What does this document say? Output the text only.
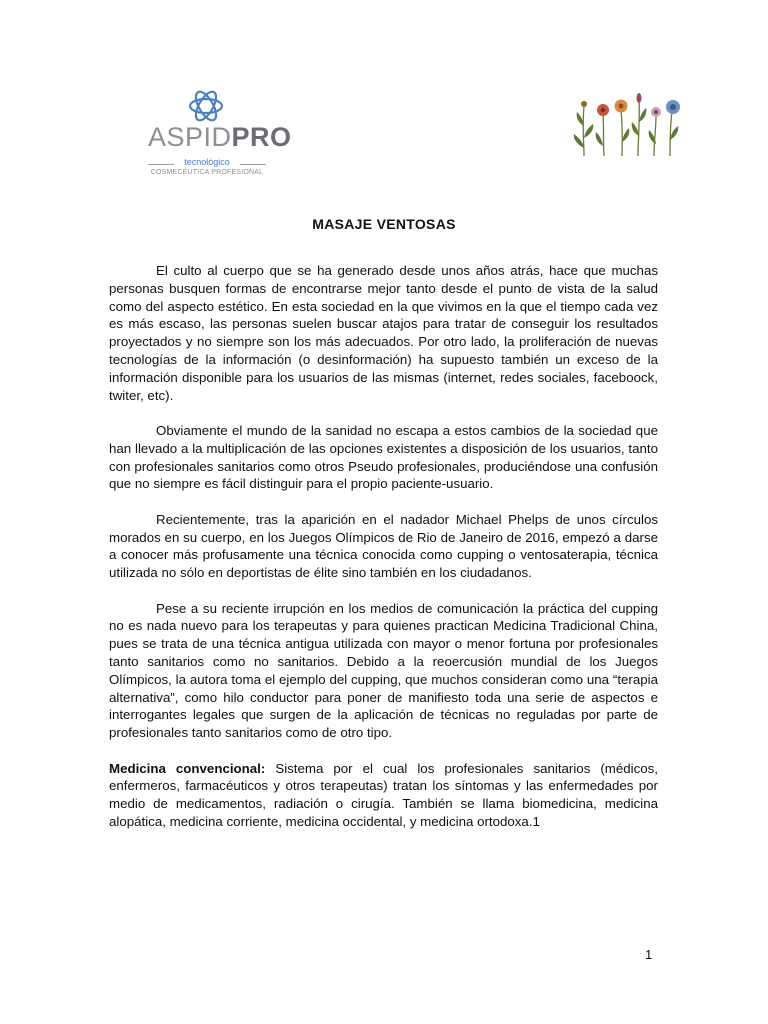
ASPIDPRO
tecnológico
COSMECÉUTICA PROFESIONAL
MASAJE VENTOSAS

El culto al cuerpo que se ha generado desde unos años atrás, hace que muchas personas busquen formas de encontrarse mejor tanto desde el punto de vista de la salud como del aspecto estético. En esta sociedad en la que vivimos en la que el tiempo cada vez es más escaso, las personas suelen buscar atajos para tratar de conseguir los resultados proyectados y no siempre son los más adecuados. Por otro lado, la proliferación de nuevas tecnologías de la información (o desinformación) ha supuesto también un exceso de la información disponible para los usuarios de las mismas (internet, redes sociales, faceboock, twiter, etc).

Obviamente el mundo de la sanidad no escapa a estos cambios de la sociedad que han llevado a la multiplicación de las opciones existentes a disposición de los usuarios, tanto con profesionales sanitarios como otros Pseudo profesionales, produciéndose una confusión que no siempre es fácil distinguir para el propio paciente-usuario.

Recientemente, tras la aparición en el nadador Michael Phelps de unos círculos morados en su cuerpo, en los Juegos Olímpicos de Rio de Janeiro de 2016, empezó a darse a conocer más profusamente una técnica conocida como cupping o ventosaterapia, técnica utilizada no sólo en deportistas de élite sino también en los ciudadanos.

Pese a su reciente irrupción en los medios de comunicación la práctica del cupping no es nada nuevo para los terapeutas y para quienes practican Medicina Tradicional China, pues se trata de una técnica antigua utilizada con mayor o menor fortuna por profesionales tanto sanitarios como no sanitarios. Debido a la reoercusión mundial de los Juegos Olímpicos, la autora toma el ejemplo del cupping, que muchos consideran como una “terapia alternativa”, como hilo conductor para poner de manifiesto toda una serie de aspectos e interrogantes legales que surgen de la aplicación de técnicas no reguladas por parte de profesionales tanto sanitarios como de otro tipo.

Medicina convencional: Sistema por el cual los profesionales sanitarios (médicos, enfermeros, farmacéuticos y otros terapeutas) tratan los síntomas y las enfermedades por medio de medicamentos, radiación o cirugía. También se llama biomedicina, medicina alopática, medicina corriente, medicina occidental, y medicina ortodoxa.1

1
